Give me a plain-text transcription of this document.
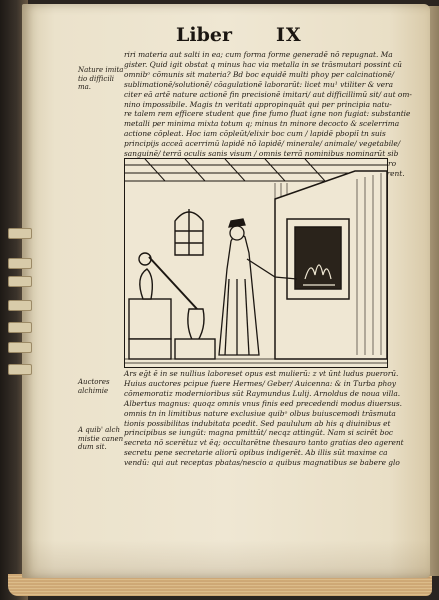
Liber IX
Nature imita
tio difficili
ma.
riri materia aut salti in ea; cum forma forme generadē nō repugnat. Ma
gister. Quid igit obstat q minus hac via metalla in se trāsmutari possint cū
omnibᵒ cōmunis sit materia? Bd boc equidē multi phoy per calcinationē/
sublimationē/solutionē/ cōagulationē laborarūt: licet mu¹ vtiliter & vera
citer eā artē nature actionē fin precisionē imitari/ aut difficillimū sit/ aut om-
nino impossibile. Magis tn veritati appropinquāt qui per principia natu-
re talem rem efficere student que fine fumo fluat igne non fugiat: substantie
metalli per minima mixta totum q; minus tn minore decocto & scelerrima
actione cōpleat. Hoc iam cōpleūt/elixir boc cum / lapidē pbopiī tn suis
principijs acceā acerrimū lapidē nō lapidē/ minerale/ animale/ vegetabile/
sanguinē/ terrā oculis sanis visum / omnis terrā nominibus nominarūt sib
Auctores
alchimie
A quib' alch
mistie canen
dum sit.
Ars eḡt ē in se nullius laboreset opus est mulierū: z vt ūnt ludus puerorū.
Huius auctores pcipue fuere Hermes/ Geber/ Auicenna: & in Turba phoy
cōmemoratiz modernioribus sūt Raymundus Lulij. Arnoldus de noua villa.
Albertus magnus: quoqz omnis vnus finis eed precedendi modus diuersus.
omnis tn in limitibus nature exclusiue quibᵒ olbus buiuscemodi trāsmuta
tionis possibilitas indubitata pcedit. Sed paululum ab his q diuinibus et
principibus se iungūt: magna pmittūt/ necqz attingūt. Nam si scirēt boc
secreta nō scerētuz vt ēq; occultarētne thesauro tanto gratias deo agerent
secretu pene secretarie aliorū opibus indigerēt. Ab illis sūt maxime ca
vendū: qui aut receptas pbatas/nescio a quibus magnatibus se babere glo
